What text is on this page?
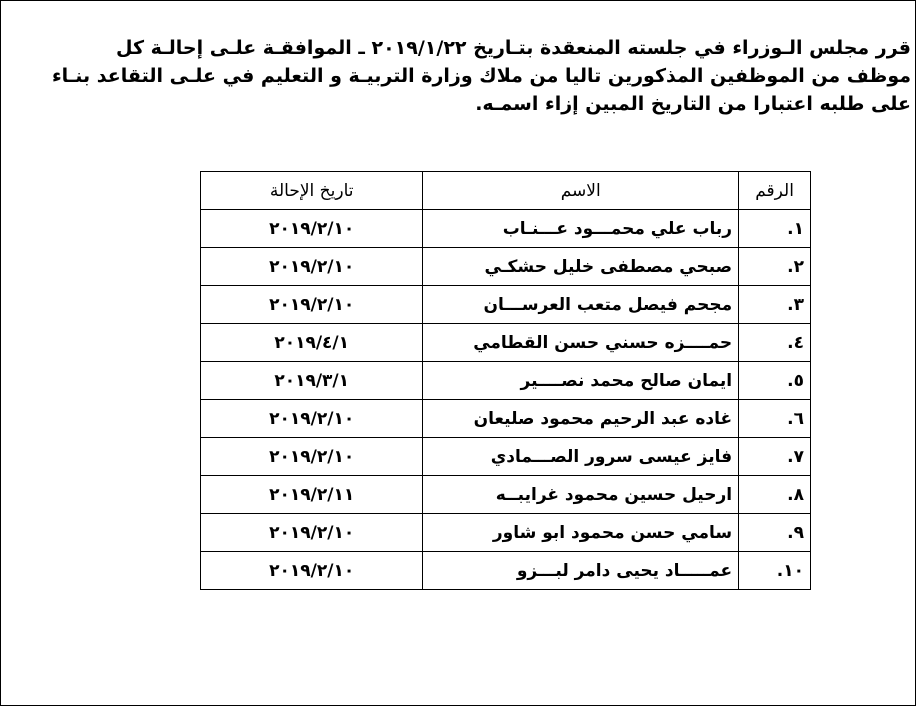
قرر مجلس الـوزراء في جلسته المنعقدة بتـاريخ ٢٠١٩/١/٢٢ ـ الموافقـة علـى إحالـة كل
موظف من الموظفين المذكورين تاليا من ملاك وزارة التربيـة و التعليم في علـى التقاعد بنـاء
على طلبه اعتبارا من التاريخ المبين إزاء اسمـه.
الرقم	الاسم	تاريخ الإحالة
١.	رباب علي محمـــود عـــنـاب	٢٠١٩/٢/١٠
٢.	صبحي مصطفى خليل حشكـي	٢٠١٩/٢/١٠
٣.	مجحم فيصل متعب العرســـان	٢٠١٩/٢/١٠
٤.	حمــــزه حسني حسن القطامي	٢٠١٩/٤/١
٥.	ايمان صالح محمد نصــــير	٢٠١٩/٣/١
٦.	غاده عبد الرحيم محمود صليعان	٢٠١٩/٢/١٠
٧.	فايز عيسى سرور الصـــمادي	٢٠١٩/٢/١٠
٨.	ارحيل حسين محمود غرايبــه	٢٠١٩/٢/١١
٩.	سامي حسن محمود ابو شاور	٢٠١٩/٢/١٠
١٠.	عمـــــاد يحيى دامر لبـــزو	٢٠١٩/٢/١٠
